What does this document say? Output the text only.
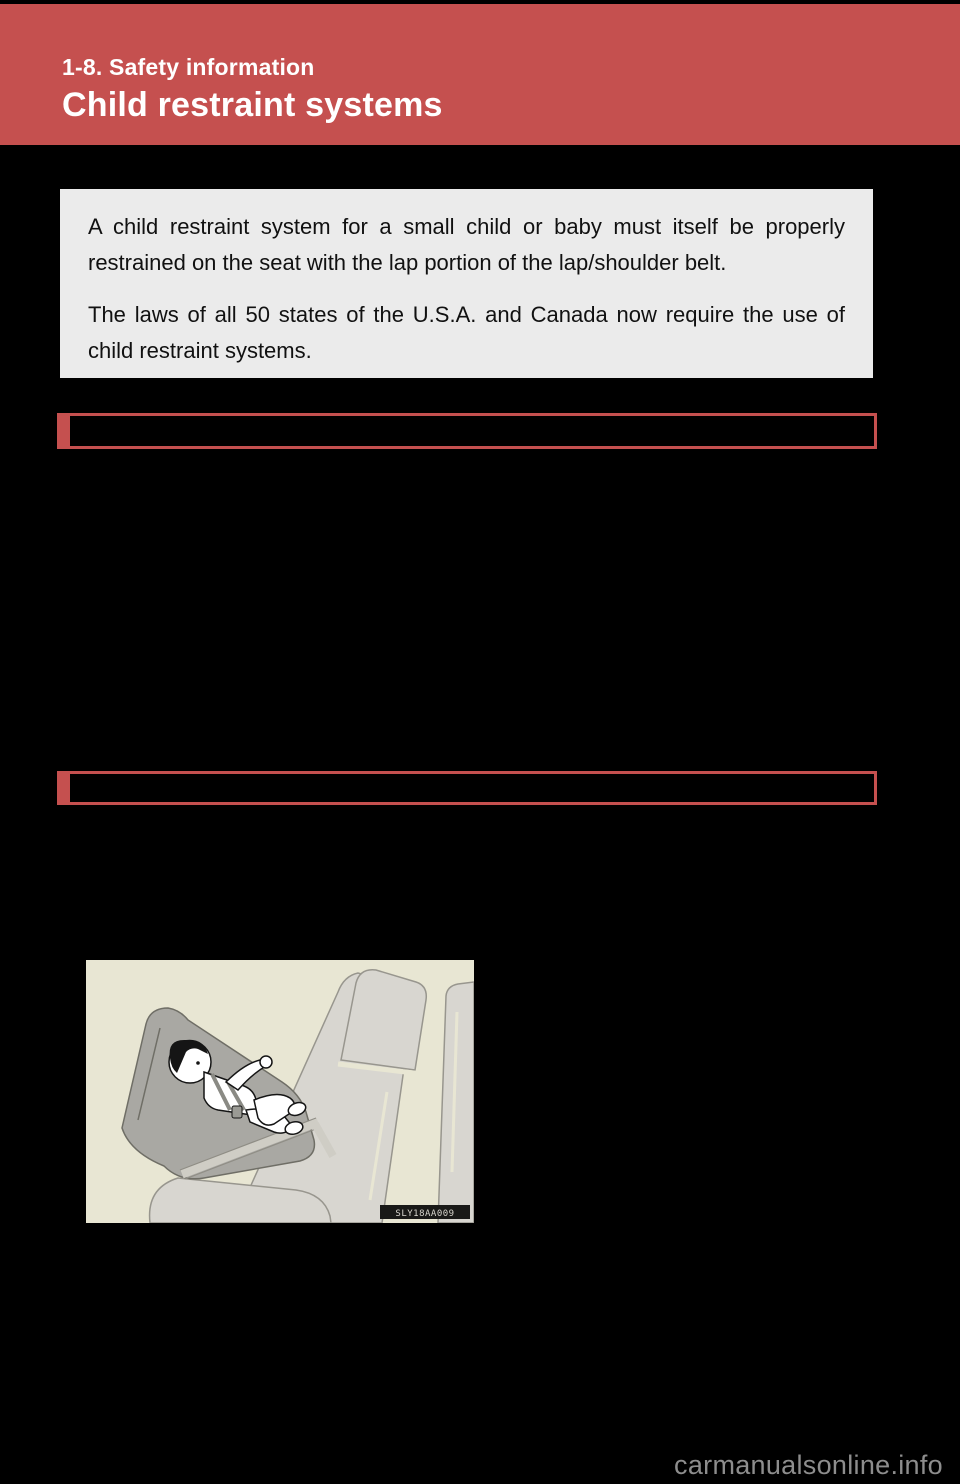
1-8. Safety information
Child restraint systems

A child restraint system for a small child or baby must itself be properly restrained on the seat with the lap portion of the lap/shoulder belt.

The laws of all 50 states of the U.S.A. and Canada now require the use of child restraint systems.

SLY18AA009
carmanualsonline.info
